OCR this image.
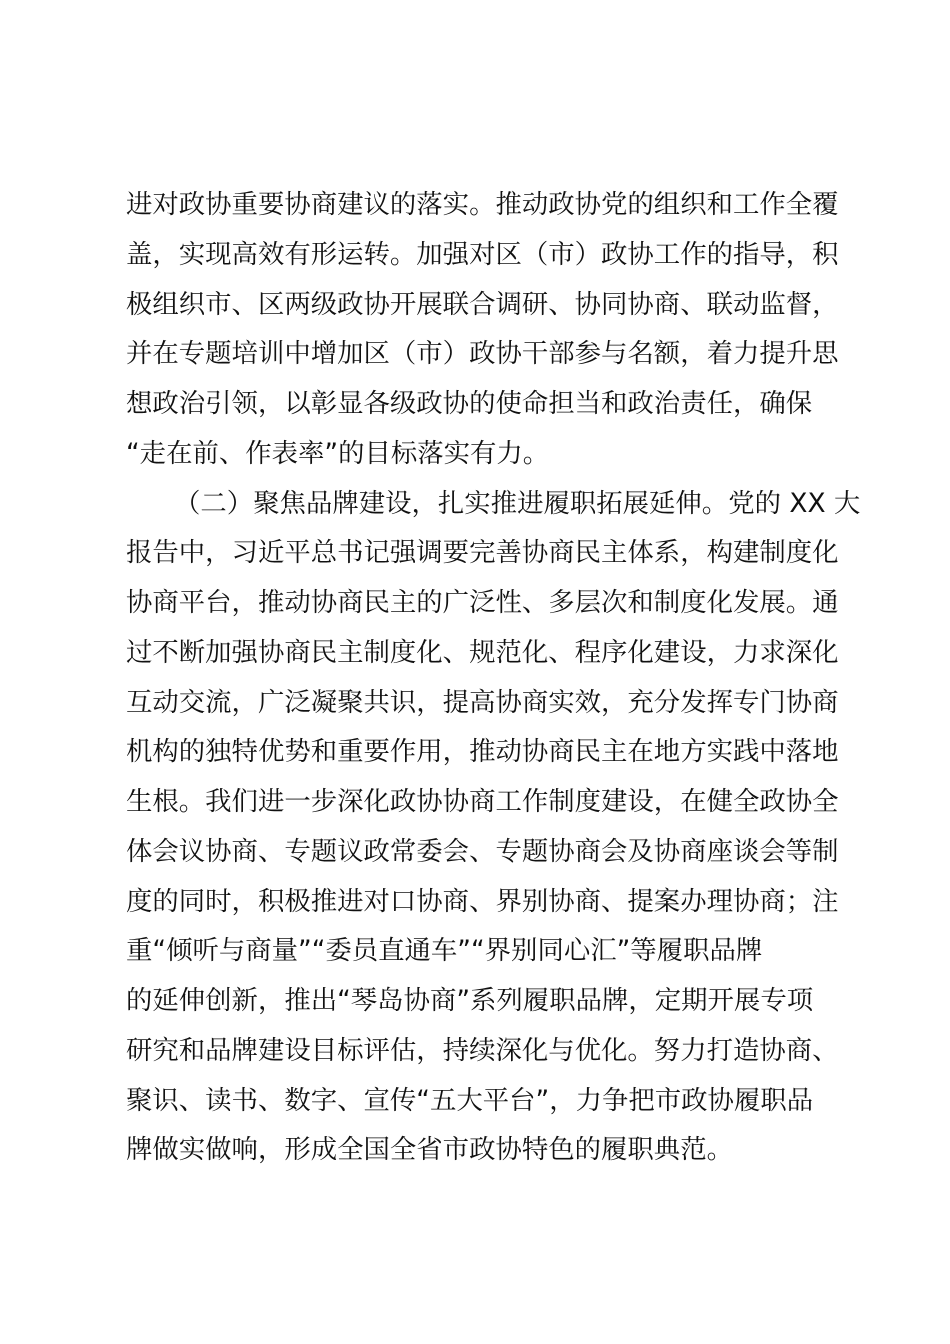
进对政协重要协商建议的落实。推动政协党的组织和工作全覆
盖，实现高效有形运转。加强对区（市）政协工作的指导，积
极组织市、区两级政协开展联合调研、协同协商、联动监督，
并在专题培训中增加区（市）政协干部参与名额，着力提升思
想政治引领，以彰显各级政协的使命担当和政治责任，确保
“走在前、作表率”的目标落实有力。
（二）聚焦品牌建设，扎实推进履职拓展延伸。党的 XX 大
报告中，习近平总书记强调要完善协商民主体系，构建制度化
协商平台，推动协商民主的广泛性、多层次和制度化发展。通
过不断加强协商民主制度化、规范化、程序化建设，力求深化
互动交流，广泛凝聚共识，提高协商实效，充分发挥专门协商
机构的独特优势和重要作用，推动协商民主在地方实践中落地
生根。我们进一步深化政协协商工作制度建设，在健全政协全
体会议协商、专题议政常委会、专题协商会及协商座谈会等制
度的同时，积极推进对口协商、界别协商、提案办理协商；注
重“倾听与商量”“委员直通车”“界别同心汇”等履职品牌
的延伸创新，推出“琴岛协商”系列履职品牌，定期开展专项
研究和品牌建设目标评估，持续深化与优化。努力打造协商、
聚识、读书、数字、宣传“五大平台”，力争把市政协履职品
牌做实做响，形成全国全省市政协特色的履职典范。
